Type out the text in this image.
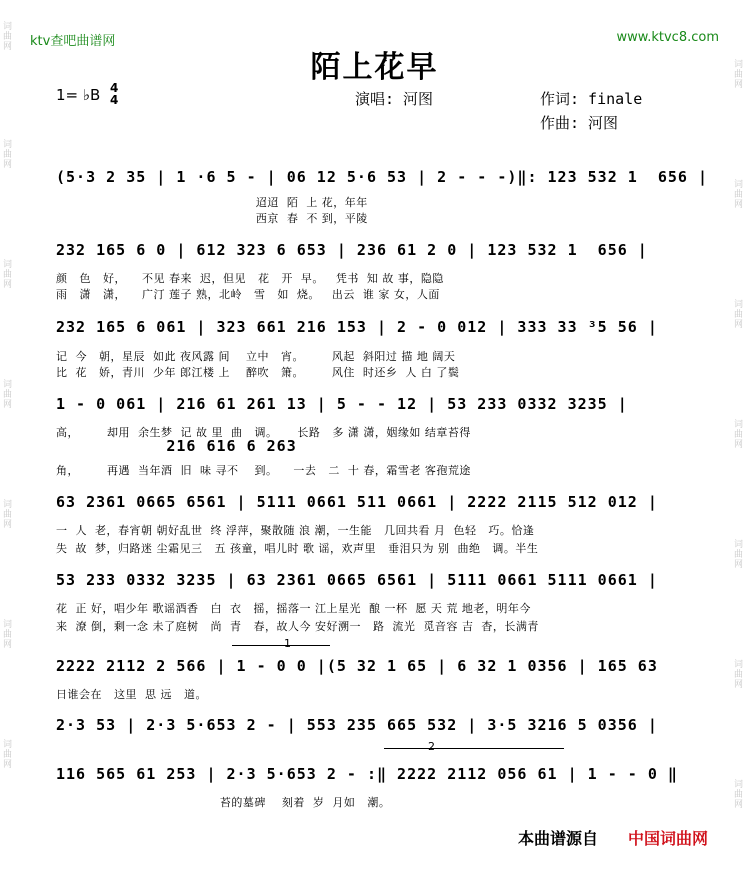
词
曲
网
词
曲
网
词
曲
网
词
曲
网
词
曲
网
词
曲
网
词
曲
网
词
曲
网
词
曲
网
词
曲
网
词
曲
网
词
曲
网
词
曲
网
词
曲
网
ktv查吧曲谱网	www.ktvc8.com
陌上花早
1= ♭B 4
4	演唱: 河图	作词: finale
作曲: 河图
(5·3 2 35 | 1 ·6 5 - | 06 12 5·6 53 | 2 - - -)‖: 123 532 1  656 |
迢迢  陌  上 花，年年
西京  春  不 到，平陵
232 165 6 0 | 612 323 6 653 | 236 61 2 0 | 123 532 1  656 |
颜   色   好，    不见 春来  迟，但见   花   开  早。   凭书  知 故 事，隐隐
雨   潇   潇，    广汀 莲子 熟，北岭   雪   如  烧。   出云  谁 家 女，人面
232 165 6 061 | 323 661 216 153 | 2 - 0 012 | 333 33 ³5 56 |
记  今   朝，星辰  如此 夜风露 间    立中   宵。       风起  斜阳过 描 地 阔天
比  花   娇，青川  少年 郎江楼 上    醉吹   箫。       风住  时还乡  人 白 了鬓
1 - 0 061 | 216 61 261 13 | 5 - - 12 | 53 233 0332 3235 |
高，       却用  余生梦  记 故 里  曲   调。     长路   多 潇 潇，姻缘如 结章苔得
216 616 6 263
角，       再遇  当年酒  旧  味 寻不    到。    一去   二  十 春，霜雪老 客孢荒途
63 2361 0665 6561 | 5111 0661 511 0661 | 2222 2115 512 012 |
一  人  老，春宵朝 朝好乱世  终 浮萍，聚散随 浪 潮，一生能   几回共看 月  色轻   巧。恰逢
失  故  梦，归路迷 尘霜见三   五 孩童，唱儿时 歌 谣，欢声里   垂泪只为 别  曲绝   调。半生
53 233 0332 3235 | 63 2361 0665 6561 | 5111 0661 5111 0661 |
花  正 好，唱少年 歌谣酒香   白  衣   摇，摇落一 江上星光  酿 一杯  愿 天 荒 地老，明年今
来  潦 倒，剩一念 未了庭树   尚  青   春，故人今 安好溯一   路  流光  觅音容 吉  杳，长满青
1
2222 2112 2 566 | 1 - 0 0 |(5 32 1 65 | 6 32 1 0356 | 165 63
日谁会在   这里  思 远   道。
2·3 53 | 2·3 5·653 2 - | 553 235 665 532 | 3·5 3216 5 0356 |
2
116 565 61 253 | 2·3 5·653 2 - :‖ 2222 2112 056 61 | 1 - - 0 ‖
苔的墓碑    刻着  岁  月如   潮。
本曲谱源自 中国词曲网
